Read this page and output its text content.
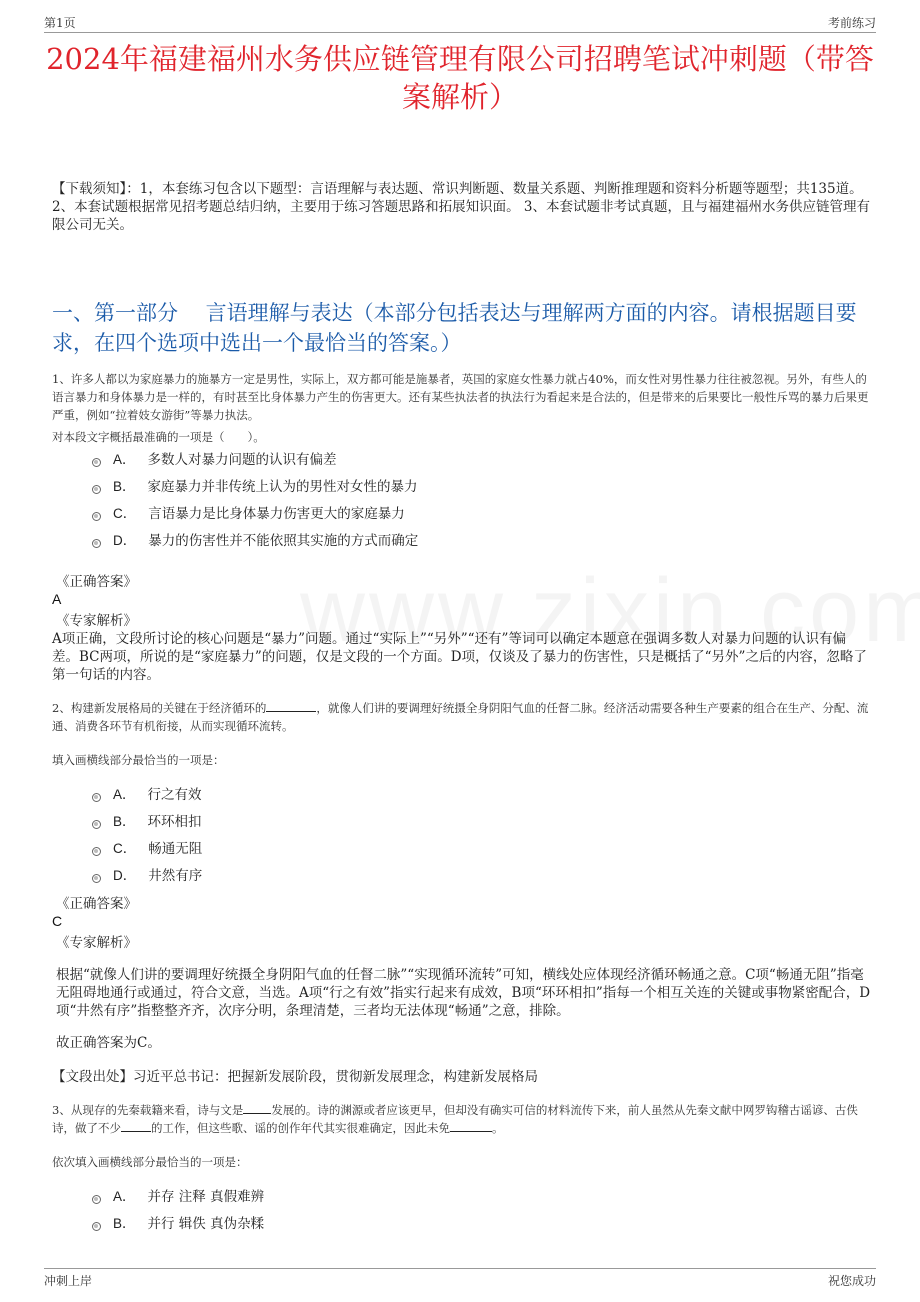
第1页	考前练习
2024年福建福州水务供应链管理有限公司招聘笔试冲刺题（带答案解析）
【下载须知】：1，本套练习包含以下题型：言语理解与表达题、常识判断题、数量关系题、判断推理题和资料分析题等题型；共135道。 2、本套试题根据常见招考题总结归纳，主要用于练习答题思路和拓展知识面。 3、本套试题非考试真题，且与福建福州水务供应链管理有限公司无关。
一、第一部分　 言语理解与表达（本部分包括表达与理解两方面的内容。请根据题目要求，在四个选项中选出一个最恰当的答案。）
1、许多人都以为家庭暴力的施暴方一定是男性，实际上，双方都可能是施暴者，英国的家庭女性暴力就占40%，而女性对男性暴力往往被忽视。另外，有些人的语言暴力和身体暴力是一样的，有时甚至比身体暴力产生的伤害更大。还有某些执法者的执法行为看起来是合法的，但是带来的后果要比一般性斥骂的暴力后果更严重，例如“拉着妓女游街”等暴力执法。
对本段文字概括最准确的一项是（　　）。
A． 多数人对暴力问题的认识有偏差
B． 家庭暴力并非传统上认为的男性对女性的暴力
C． 言语暴力是比身体暴力伤害更大的家庭暴力
D． 暴力的伤害性并不能依照其实施的方式而确定
《正确答案》
A
《专家解析》
A项正确，文段所讨论的核心问题是“暴力”问题。通过“实际上”“另外”“还有”等词可以确定本题意在强调多数人对暴力问题的认识有偏差。BC两项，所说的是“家庭暴力”的问题，仅是文段的一个方面。D项，仅谈及了暴力的伤害性，只是概括了“另外”之后的内容，忽略了第一句话的内容。
2、构建新发展格局的关键在于经济循环的	，就像人们讲的要调理好统摄全身阴阳气血的任督二脉。经济活动需要各种生产要素的组合在生产、分配、流通、消费各环节有机衔接，从而实现循环流转。
填入画横线部分最恰当的一项是：
A． 行之有效
B． 环环相扣
C． 畅通无阻
D． 井然有序
《正确答案》
C
《专家解析》
根据“就像人们讲的要调理好统摄全身阴阳气血的任督二脉”“实现循环流转”可知，横线处应体现经济循环畅通之意。C项“畅通无阻”指毫无阻碍地通行或通过，符合文意，当选。A项“行之有效”指实行起来有成效，B项“环环相扣”指每一个相互关连的关键或事物紧密配合，D项“井然有序”指整整齐齐，次序分明，条理清楚，三者均无法体现“畅通”之意，排除。
故正确答案为C。
【文段出处】习近平总书记：把握新发展阶段，贯彻新发展理念，构建新发展格局
3、从现存的先秦载籍来看，诗与文是 发展的。诗的渊源或者应该更早，但却没有确实可信的材料流传下来，前人虽然从先秦文献中网罗钩稽古谣谚、古佚诗，做了不少	的工作，但这些歌、谣的创作年代其实很难确定，因此未免	。
依次填入画横线部分最恰当的一项是：
A． 并存 注释 真假难辨
B． 并行 辑佚 真伪杂糅
冲刺上岸	祝您成功
